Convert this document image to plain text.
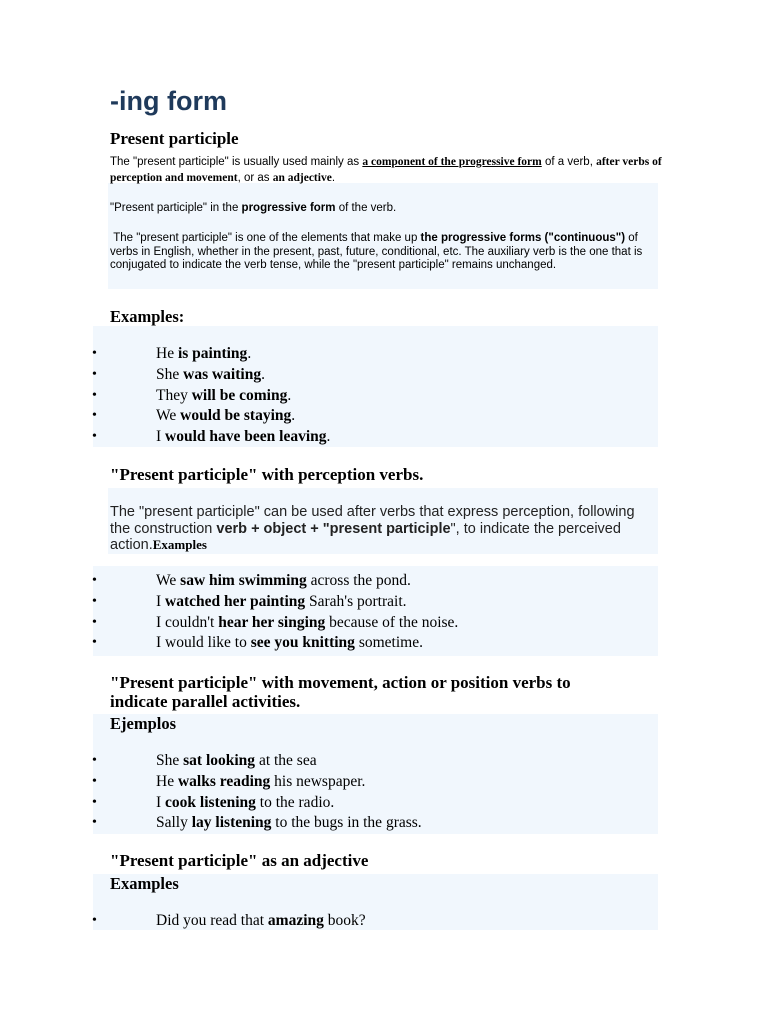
-ing form
Present participle
The "present participle" is usually used mainly as a component of the progressive form of a verb, after verbs of perception and movement, or as an adjective.
"Present participle" in the progressive form of the verb.
The "present participle" is one of the elements that make up the progressive forms ("continuous") of verbs in English, whether in the present, past, future, conditional, etc. The auxiliary verb is the one that is conjugated to indicate the verb tense, while the "present participle" remains unchanged.
Examples:
•	He is painting.
•	She was waiting.
•	They will be coming.
•	We would be staying.
•	I would have been leaving.
"Present participle" with perception verbs.
The "present participle" can be used after verbs that express perception, following the construction verb + object + "present participle", to indicate the perceived action.Examples
•	We saw him swimming across the pond.
•	I watched her painting Sarah's portrait.
•	I couldn't hear her singing because of the noise.
•	I would like to see you knitting sometime.
"Present participle" with movement, action or position verbs to indicate parallel activities.
Ejemplos
•	She sat looking at the sea
•	He walks reading his newspaper.
•	I cook listening to the radio.
•	Sally lay listening to the bugs in the grass.
"Present participle" as an adjective
Examples
•	Did you read that amazing book?
